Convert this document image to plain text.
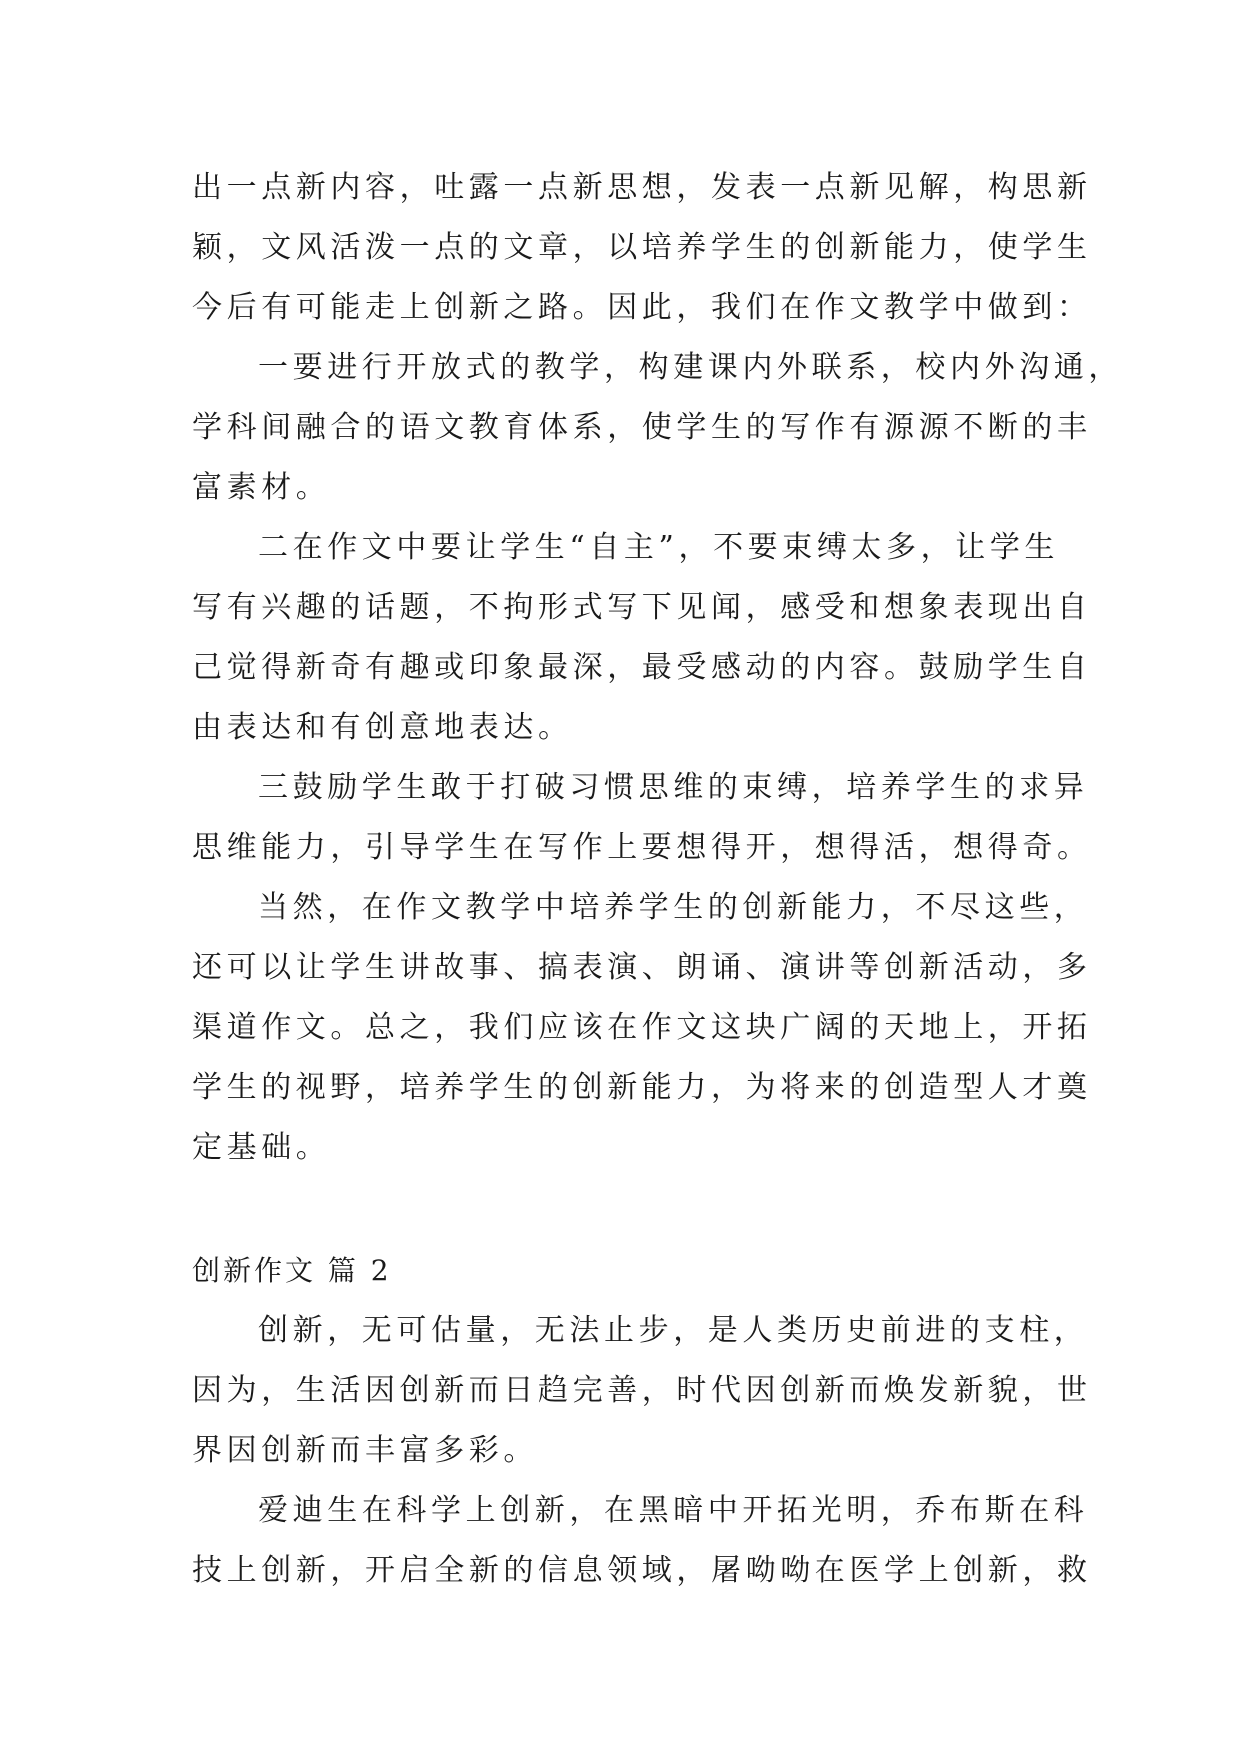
出一点新内容，吐露一点新思想，发表一点新见解，构思新
颖，文风活泼一点的文章，以培养学生的创新能力，使学生
今后有可能走上创新之路。因此，我们在作文教学中做到：
一要进行开放式的教学，构建课内外联系，校内外沟通，
学科间融合的语文教育体系，使学生的写作有源源不断的丰
富素材。
二在作文中要让学生“自主”，不要束缚太多，让学生
写有兴趣的话题，不拘形式写下见闻，感受和想象表现出自
己觉得新奇有趣或印象最深，最受感动的内容。鼓励学生自
由表达和有创意地表达。
三鼓励学生敢于打破习惯思维的束缚，培养学生的求异
思维能力，引导学生在写作上要想得开，想得活，想得奇。
当然，在作文教学中培养学生的创新能力，不尽这些，
还可以让学生讲故事、搞表演、朗诵、演讲等创新活动，多
渠道作文。总之，我们应该在作文这块广阔的天地上，开拓
学生的视野，培养学生的创新能力，为将来的创造型人才奠
定基础。
创新作文 篇 2
创新，无可估量，无法止步，是人类历史前进的支柱，
因为，生活因创新而日趋完善，时代因创新而焕发新貌，世
界因创新而丰富多彩。
爱迪生在科学上创新，在黑暗中开拓光明，乔布斯在科
技上创新，开启全新的信息领域，屠呦呦在医学上创新，救
